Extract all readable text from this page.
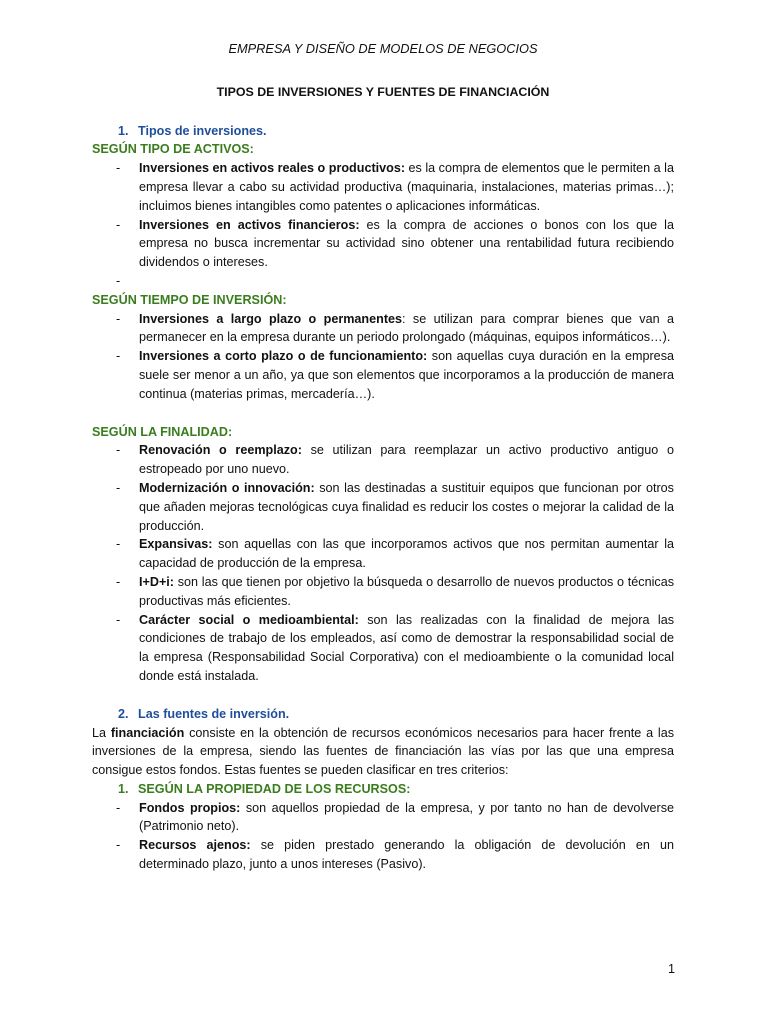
EMPRESA Y DISEÑO DE MODELOS DE NEGOCIOS
TIPOS DE INVERSIONES Y FUENTES DE FINANCIACIÓN
1. Tipos de inversiones.
SEGÚN TIPO DE ACTIVOS:
- Inversiones en activos reales o productivos: es la compra de elementos que le permiten a la empresa llevar a cabo su actividad productiva (maquinaria, instalaciones, materias primas…); incluimos bienes intangibles como patentes o aplicaciones informáticas.
- Inversiones en activos financieros: es la compra de acciones o bonos con los que la empresa no busca incrementar su actividad sino obtener una rentabilidad futura recibiendo dividendos o intereses.
-

SEGÚN TIEMPO DE INVERSIÓN:
- Inversiones a largo plazo o permanentes: se utilizan para comprar bienes que van a permanecer en la empresa durante un periodo prolongado (máquinas, equipos informáticos…).
- Inversiones a corto plazo o de funcionamiento: son aquellas cuya duración en la empresa suele ser menor a un año, ya que son elementos que incorporamos a la producción de manera continua (materias primas, mercadería…).
SEGÚN LA FINALIDAD:
- Renovación o reemplazo: se utilizan para reemplazar un activo productivo antiguo o estropeado por uno nuevo.
- Modernización o innovación: son las destinadas a sustituir equipos que funcionan por otros que añaden mejoras tecnológicas cuya finalidad es reducir los costes o mejorar la calidad de la producción.
- Expansivas: son aquellas con las que incorporamos activos que nos permitan aumentar la capacidad de producción de la empresa.
- I+D+i: son las que tienen por objetivo la búsqueda o desarrollo de nuevos productos o técnicas productivas más eficientes.
- Carácter social o medioambiental: son las realizadas con la finalidad de mejora las condiciones de trabajo de los empleados, así como de demostrar la responsabilidad social de la empresa (Responsabilidad Social Corporativa) con el medioambiente o la comunidad local donde está instalada.
2. Las fuentes de inversión.
La financiación consiste en la obtención de recursos económicos necesarios para hacer frente a las inversiones de la empresa, siendo las fuentes de financiación las vías por las que una empresa consigue estos fondos. Estas fuentes se pueden clasificar en tres criterios:
1. SEGÚN LA PROPIEDAD DE LOS RECURSOS:
- Fondos propios: son aquellos propiedad de la empresa, y por tanto no han de devolverse (Patrimonio neto).
- Recursos ajenos: se piden prestado generando la obligación de devolución en un determinado plazo, junto a unos intereses (Pasivo).
1
